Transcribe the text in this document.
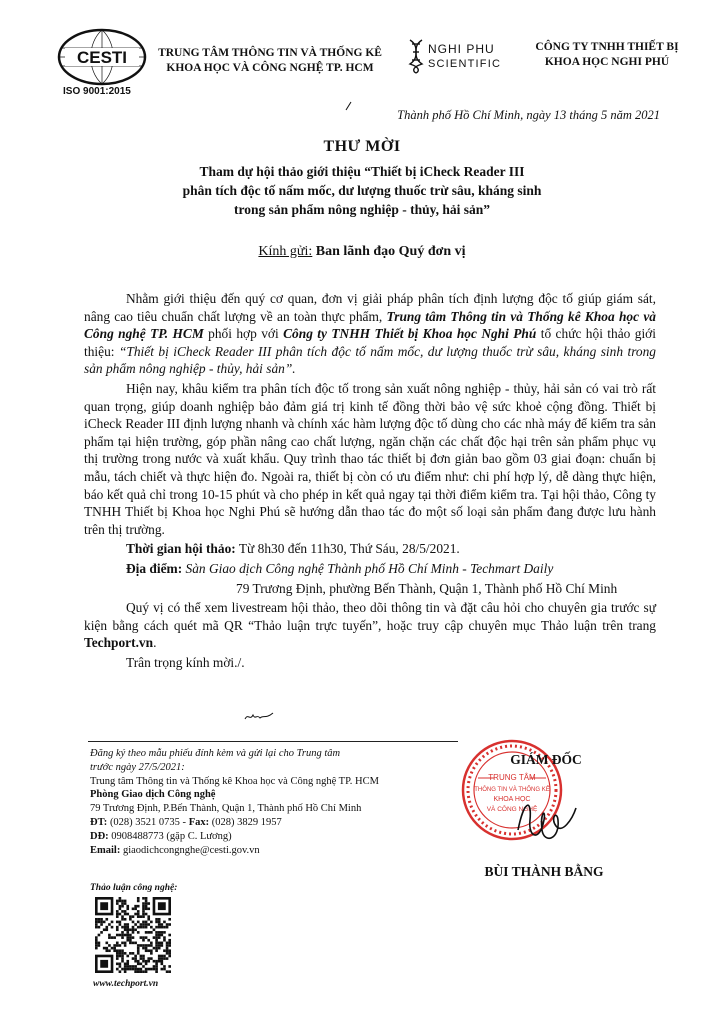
CESTI
ISO 9001:2015
TRUNG TÂM THÔNG TIN VÀ THỐNG KÊ
KHOA HỌC VÀ CÔNG NGHỆ TP. HCM
NGHI PHU
SCIENTIFIC
CÔNG TY TNHH THIẾT BỊ
KHOA HỌC NGHI PHÚ
Thành phố Hồ Chí Minh, ngày 13 tháng 5 năm 2021
THƯ MỜI
Tham dự hội thảo giới thiệu “Thiết bị iCheck Reader III
phân tích độc tố nấm mốc, dư lượng thuốc trừ sâu, kháng sinh
trong sản phẩm nông nghiệp - thủy, hải sản”
Kính gửi: Ban lãnh đạo Quý đơn vị

Nhằm giới thiệu đến quý cơ quan, đơn vị giải pháp phân tích định lượng độc tố giúp giám sát, nâng cao tiêu chuẩn chất lượng về an toàn thực phẩm, Trung tâm Thông tin và Thống kê Khoa học và Công nghệ TP. HCM phối hợp với Công ty TNHH Thiết bị Khoa học Nghi Phú tổ chức hội thảo giới thiệu: “Thiết bị iCheck Reader III phân tích độc tố nấm mốc, dư lượng thuốc trừ sâu, kháng sinh trong sản phẩm nông nghiệp - thủy, hải sản”.

Hiện nay, khâu kiểm tra phân tích độc tố trong sản xuất nông nghiệp - thủy, hải sản có vai trò rất quan trọng, giúp doanh nghiệp bảo đảm giá trị kinh tế đồng thời bảo vệ sức khoẻ cộng đồng. Thiết bị iCheck Reader III định lượng nhanh và chính xác hàm lượng độc tố dùng cho các nhà máy để kiểm tra sản phẩm tại hiện trường, góp phần nâng cao chất lượng, ngăn chặn các chất độc hại trên sản phẩm phục vụ thị trường trong nước và xuất khẩu. Quy trình thao tác thiết bị đơn giản bao gồm 03 giai đoạn: chuẩn bị mẫu, tách chiết và thực hiện đo. Ngoài ra, thiết bị còn có ưu điểm như: chi phí hợp lý, dễ dàng thực hiện, báo kết quả chỉ trong 10-15 phút và cho phép in kết quả ngay tại thời điểm kiểm tra. Tại hội thảo, Công ty TNHH Thiết bị Khoa học Nghi Phú sẽ hướng dẫn thao tác đo một số loại sản phẩm đang được lưu hành trên thị trường.

Thời gian hội thảo: Từ 8h30 đến 11h30, Thứ Sáu, 28/5/2021.

Địa điểm: Sàn Giao dịch Công nghệ Thành phố Hồ Chí Minh - Techmart Daily

79 Trương Định, phường Bến Thành, Quận 1, Thành phố Hồ Chí Minh

Quý vị có thể xem livestream hội thảo, theo dõi thông tin và đặt câu hỏi cho chuyên gia trước sự kiện bằng cách quét mã QR “Thảo luận trực tuyến”, hoặc truy cập chuyên mục Thảo luận trên trang Techport.vn.

Trân trọng kính mời./.

Đăng ký theo mẫu phiếu đính kèm và gửi lại cho Trung tâm
trước ngày 27/5/2021:
Trung tâm Thông tin và Thống kê Khoa học và Công nghệ TP. HCM
Phòng Giao dịch Công nghệ
79 Trương Định, P.Bến Thành, Quận 1, Thành phố Hồ Chí Minh
ĐT: (028) 3521 0735 - Fax: (028) 3829 1957
DĐ: 0908488773 (gặp C. Lương)
Email: giaodichcongnghe@cesti.gov.vn
TRUNG TÂM
THÔNG TIN VÀ THỐNG KÊ
KHOA HỌC
VÀ CÔNG NGHỆ
GIÁM ĐỐC
BÙI THÀNH BẰNG
Thảo luận công nghệ:
www.techport.vn
